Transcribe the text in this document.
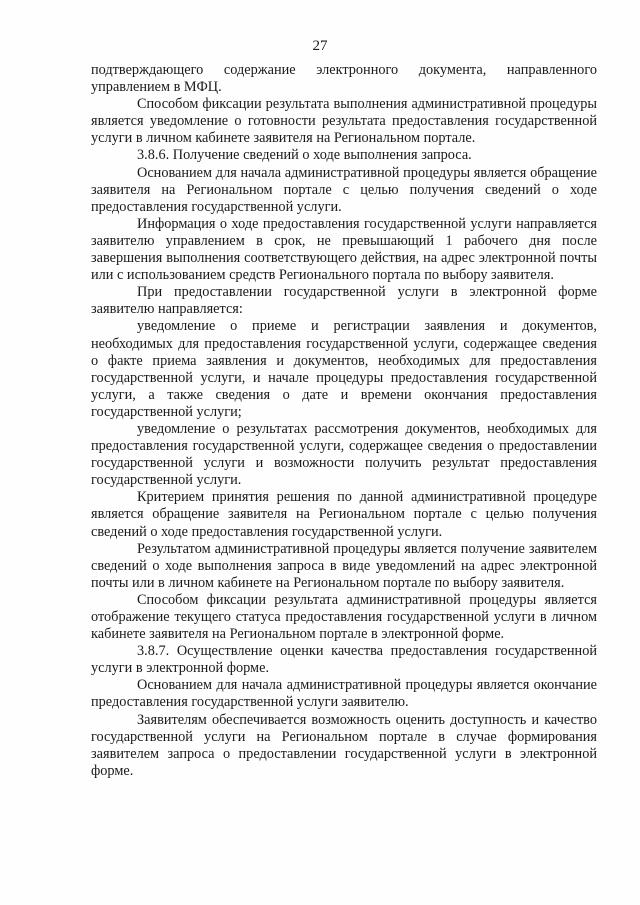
27

подтверждающего содержание электронного документа, направленного управлением в МФЦ.

Способом фиксации результата выполнения административной процедуры является уведомление о готовности результата предоставления государственной услуги в личном кабинете заявителя на Региональном портале.

3.8.6. Получение сведений о ходе выполнения запроса.

Основанием для начала административной процедуры является обращение заявителя на Региональном портале с целью получения сведений о ходе предоставления государственной услуги.

Информация о ходе предоставления государственной услуги направляется заявителю управлением в срок, не превышающий 1 рабочего дня после завершения выполнения соответствующего действия, на адрес электронной почты или с использованием средств Регионального портала по выбору заявителя.

При предоставлении государственной услуги в электронной форме заявителю направляется:

уведомление о приеме и регистрации заявления и документов, необходимых для предоставления государственной услуги, содержащее сведения о факте приема заявления и документов, необходимых для предоставления государственной услуги, и начале процедуры предоставления государственной услуги, а также сведения о дате и времени окончания предоставления государственной услуги;

уведомление о результатах рассмотрения документов, необходимых для предоставления государственной услуги, содержащее сведения о предоставлении государственной услуги и возможности получить результат предоставления государственной услуги.

Критерием принятия решения по данной административной процедуре является обращение заявителя на Региональном портале с целью получения сведений о ходе предоставления государственной услуги.

Результатом административной процедуры является получение заявителем сведений о ходе выполнения запроса в виде уведомлений на адрес электронной почты или в личном кабинете на Региональном портале по выбору заявителя.

Способом фиксации результата административной процедуры является отображение текущего статуса предоставления государственной услуги в личном кабинете заявителя на Региональном портале в электронной форме.

3.8.7. Осуществление оценки качества предоставления государственной услуги в электронной форме.

Основанием для начала административной процедуры является окончание предоставления государственной услуги заявителю.

Заявителям обеспечивается возможность оценить доступность и качество государственной услуги на Региональном портале в случае формирования заявителем запроса о предоставлении государственной услуги в электронной форме.
